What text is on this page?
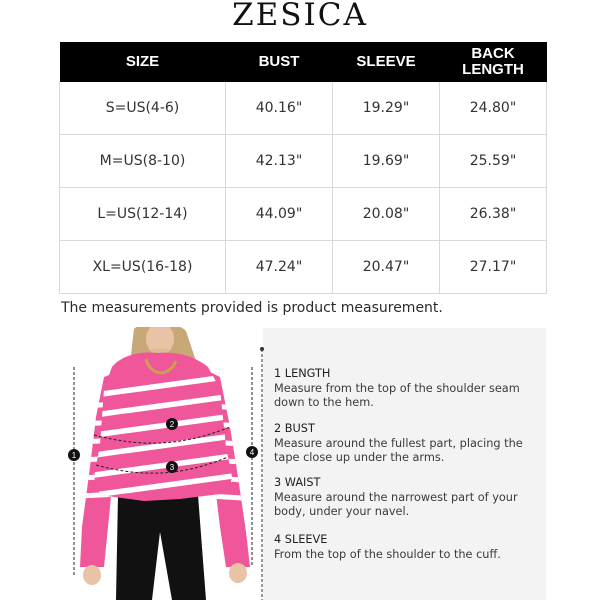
ZESICA
SIZE	BUST	SLEEVE	BACK LENGTH
S=US(4-6)	40.16"	19.29"	24.80"
M=US(8-10)	42.13"	19.69"	25.59"
L=US(12-14)	44.09"	20.08"	26.38"
XL=US(16-18)	47.24"	20.47"	27.17"
The measurements provided is product measurement.
1
2
3
4
1 LENGTH
Measure from the top of the shoulder seam down to the hem.
2 BUST
Measure around the fullest part, placing the tape close up under the arms.
3 WAIST
Measure around the narrowest part of your body, under your navel.
4 SLEEVE
From the top of the shoulder to the cuff.
